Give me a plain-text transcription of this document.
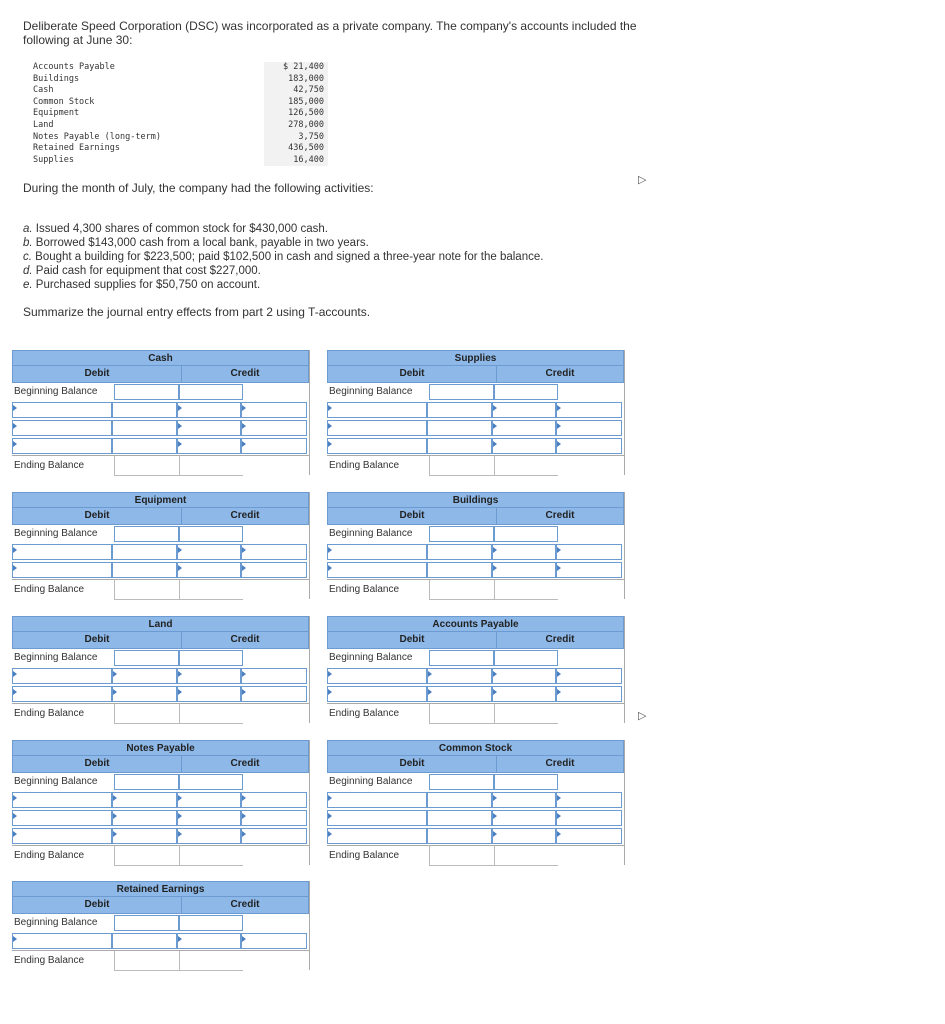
Deliberate Speed Corporation (DSC) was incorporated as a private company. The company's accounts included the following at June 30:
Accounts Payable	$ 21,400
Buildings	183,000
Cash	42,750
Common Stock	185,000
Equipment	126,500
Land	278,000
Notes Payable (long-term)	3,750
Retained Earnings	436,500
Supplies	16,400
During the month of July, the company had the following activities:
a. Issued 4,300 shares of common stock for $430,000 cash.
b. Borrowed $143,000 cash from a local bank, payable in two years.
c. Bought a building for $223,500; paid $102,500 in cash and signed a three-year note for the balance.
d. Paid cash for equipment that cost $227,000.
e. Purchased supplies for $50,750 on account.
Summarize the journal entry effects from part 2 using T-accounts.
▷
▷
Cash
Debit	Credit
Beginning Balance
Ending Balance
Supplies
Debit	Credit
Beginning Balance
Ending Balance
Equipment
Debit	Credit
Beginning Balance
Ending Balance
Buildings
Debit	Credit
Beginning Balance
Ending Balance
Land
Debit	Credit
Beginning Balance
Ending Balance
Accounts Payable
Debit	Credit
Beginning Balance
Ending Balance
Notes Payable
Debit	Credit
Beginning Balance
Ending Balance
Common Stock
Debit	Credit
Beginning Balance
Ending Balance
Retained Earnings
Debit	Credit
Beginning Balance
Ending Balance
